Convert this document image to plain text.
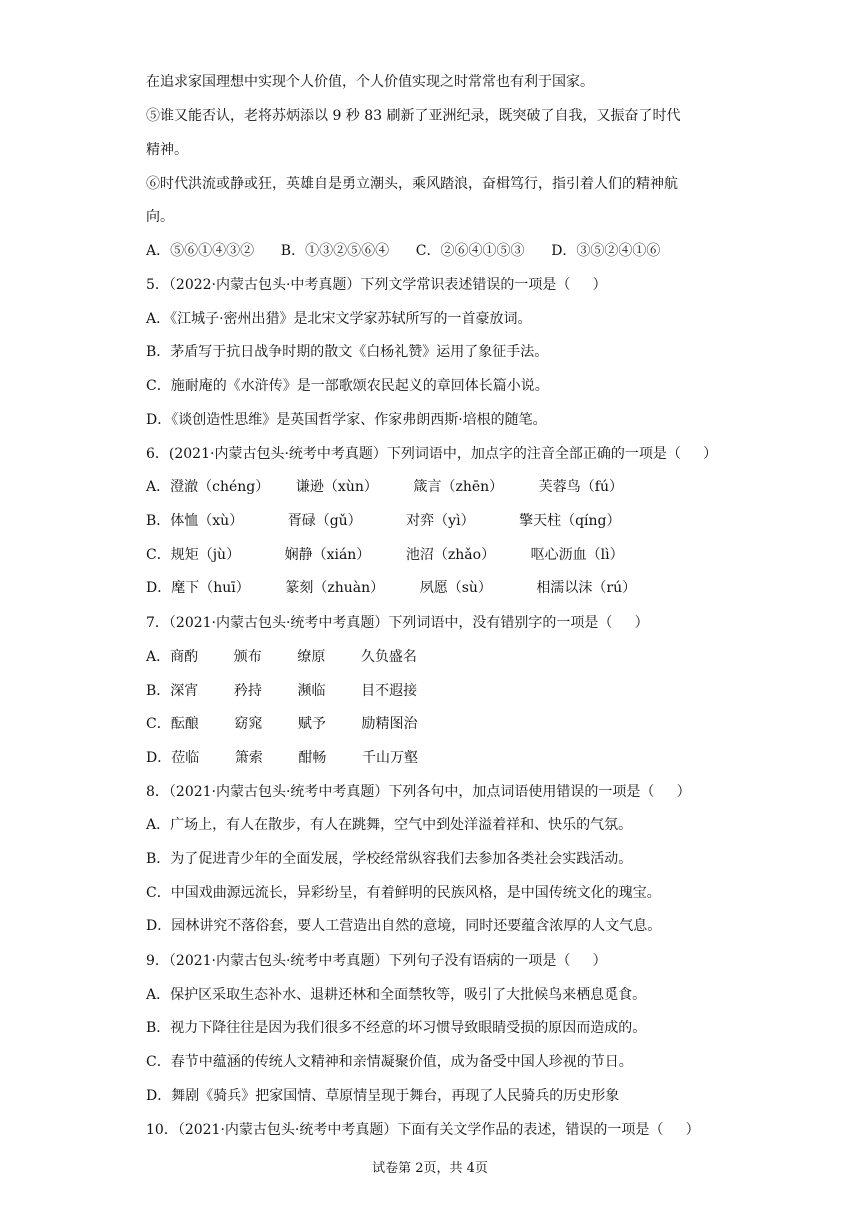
在追求家国理想中实现个人价值，个人价值实现之时常常也有利于国家。

⑤谁又能否认，老将苏炳添以 9 秒 83 刷新了亚洲纪录，既突破了自我，又振奋了时代

精神。

⑥时代洪流或静或狂，英雄自是勇立潮头，乘风踏浪，奋楫笃行，指引着人们的精神航

向。

A．⑤⑥①④③②      B．①③②⑤⑥④      C．②⑥④①⑤③      D．③⑤②④①⑥

5．（2022·内蒙古包头·中考真题）下列文学常识表述错误的一项是（     ）

A．《江城子·密州出猎》是北宋文学家苏轼所写的一首豪放词。

B．茅盾写于抗日战争时期的散文《白杨礼赞》运用了象征手法。

C．施耐庵的《水浒传》是一部歌颂农民起义的章回体长篇小说。

D．《谈创造性思维》是英国哲学家、作家弗朗西斯·培根的随笔。

6．(2021·内蒙古包头·统考中考真题）下列词语中，加点字的注音全部正确的一项是（     ）

A．澄澈（chéng）      谦逊（xùn）        箴言（zhēn）        芙蓉鸟（fú）

B．体恤（xù）          胥碌（gǔ）          对弈（yì）          擎天柱（qíng）

C．规矩（jù）          娴静（xián）        池沼（zhǎo）        呕心沥血（lì）

D．麾下（huī）        篆刻（zhuàn）        夙愿（sù）          相濡以沫（rú）

7．（2021·内蒙古包头·统考中考真题）下列词语中，没有错别字的一项是（     ）

A．商酌        颁布        缭原        久负盛名

B．深宵        矜持        濒临        目不遐接

C．酝酿        窈窕        赋予        励精图治

D．莅临        箫索        酣畅        千山万壑

8．（2021·内蒙古包头·统考中考真题）下列各句中，加点词语使用错误的一项是（     ）

A．广场上，有人在散步，有人在跳舞，空气中到处洋溢着祥和、快乐的气氛。

B．为了促进青少年的全面发展，学校经常纵容我们去参加各类社会实践活动。

C．中国戏曲源远流长，异彩纷呈，有着鲜明的民族风格，是中国传统文化的瑰宝。

D．园林讲究不落俗套，要人工营造出自然的意境，同时还要蕴含浓厚的人文气息。

9．（2021·内蒙古包头·统考中考真题）下列句子没有语病的一项是（     ）

A．保护区采取生态补水、退耕还林和全面禁牧等，吸引了大批候鸟来栖息觅食。

B．视力下降往往是因为我们很多不经意的坏习惯导致眼睛受损的原因而造成的。

C．春节中蕴涵的传统人文精神和亲情凝聚价值，成为备受中国人珍视的节日。

D．舞剧《骑兵》把家国情、草原情呈现于舞台，再现了人民骑兵的历史形象

10．（2021·内蒙古包头·统考中考真题）下面有关文学作品的表述，错误的一项是（     ）

试卷第 2页，共 4页
